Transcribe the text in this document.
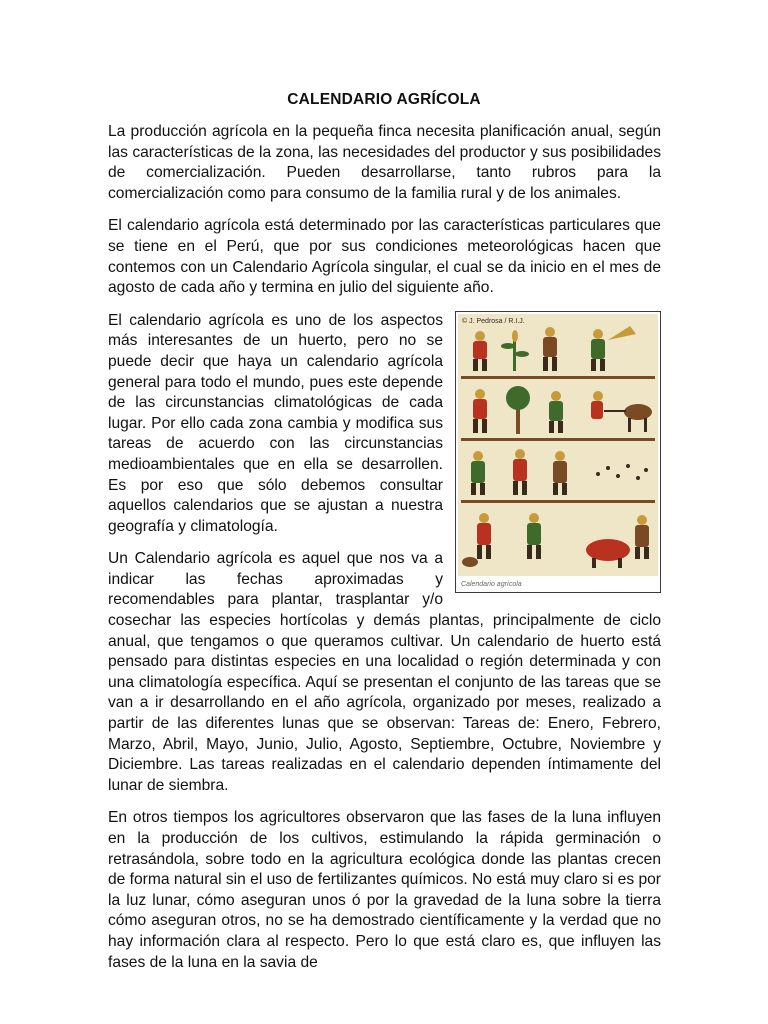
CALENDARIO AGRÍCOLA

La producción agrícola en la pequeña finca necesita planificación anual, según las características de la zona, las necesidades del productor y sus posibilidades de comercialización. Pueden desarrollarse, tanto rubros para la comercialización como para consumo de la familia rural y de los animales.

El calendario agrícola está determinado por las características particulares que se tiene en el Perú, que por sus condiciones meteorológicas hacen que contemos con un Calendario Agrícola singular, el cual se da inicio en el mes de agosto de cada año y termina en julio del siguiente año.

© J. Pedrosa / R.I.J.
Calendario agrícola

El calendario agrícola es uno de los aspectos más interesantes de un huerto, pero no se puede decir que haya un calendario agrícola general para todo el mundo, pues este depende de las circunstancias climatológicas de cada lugar. Por ello cada zona cambia y modifica sus tareas de acuerdo con las circunstancias medioambientales que en ella se desarrollen. Es por eso que sólo debemos consultar aquellos calendarios que se ajustan a nuestra geografía y climatología.

Un Calendario agrícola es aquel que nos va a indicar las fechas aproximadas y recomendables para plantar, trasplantar y/o cosechar las especies hortícolas y demás plantas, principalmente de ciclo anual, que tengamos o que queramos cultivar. Un calendario de huerto está pensado para distintas especies en una localidad o región determinada y con una climatología específica. Aquí se presentan el conjunto de las tareas que se van a ir desarrollando en el año agrícola, organizado por meses, realizado a partir de las diferentes lunas que se observan: Tareas de: Enero, Febrero, Marzo, Abril, Mayo, Junio, Julio, Agosto, Septiembre, Octubre, Noviembre y Diciembre. Las tareas realizadas en el calendario dependen íntimamente del lunar de siembra.

En otros tiempos los agricultores observaron que las fases de la luna influyen en la producción de los cultivos, estimulando la rápida germinación o retrasándola, sobre todo en la agricultura ecológica donde las plantas crecen de forma natural sin el uso de fertilizantes químicos. No está muy claro si es por la luz lunar, cómo aseguran unos ó por la gravedad de la luna sobre la tierra cómo aseguran otros, no se ha demostrado científicamente y la verdad que no hay información clara al respecto. Pero lo que está claro es, que influyen las fases de la luna en la savia de
